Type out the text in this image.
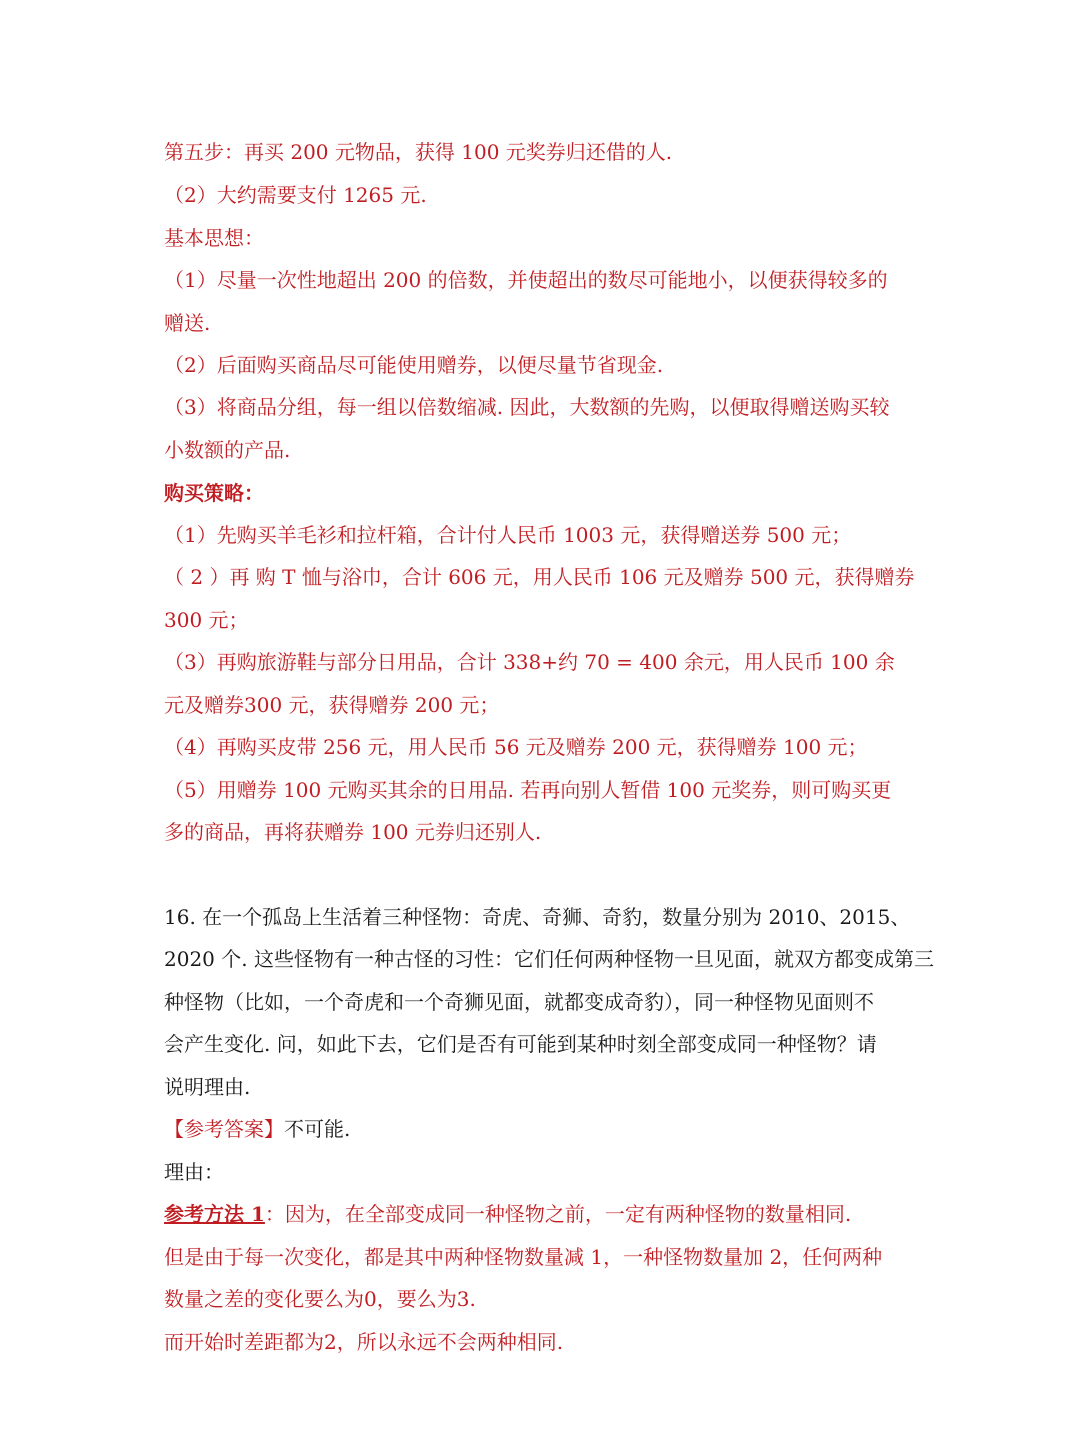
第五步：再买 200 元物品，获得 100 元奖券归还借的人.
（2）大约需要支付 1265 元.
基本思想：
（1）尽量一次性地超出 200 的倍数，并使超出的数尽可能地小，以便获得较多的
赠送.
（2）后面购买商品尽可能使用赠券，以便尽量节省现金.
（3）将商品分组，每一组以倍数缩减. 因此，大数额的先购，以便取得赠送购买较
小数额的产品.
购买策略：
（1）先购买羊毛衫和拉杆箱，合计付人民币 1003 元，获得赠送券 500 元；
（ 2 ）再 购 T 恤与浴巾，合计 606 元，用人民币 106 元及赠券 500 元，获得赠券
300 元；
（3）再购旅游鞋与部分日用品，合计 338+约 70 = 400 余元，用人民币 100 余
元及赠券300 元，获得赠券 200 元；
（4）再购买皮带 256 元，用人民币 56 元及赠券 200 元，获得赠券 100 元；
（5）用赠券 100 元购买其余的日用品. 若再向别人暂借 100 元奖券，则可购买更
多的商品，再将获赠券 100 元券归还别人.
16. 在一个孤岛上生活着三种怪物：奇虎、奇狮、奇豹，数量分别为 2010、2015、
2020 个. 这些怪物有一种古怪的习性：它们任何两种怪物一旦见面，就双方都变成第三
种怪物（比如，一个奇虎和一个奇狮见面，就都变成奇豹），同一种怪物见面则不
会产生变化. 问，如此下去，它们是否有可能到某种时刻全部变成同一种怪物？请
说明理由.
【参考答案】不可能.
理由：
参考方法 1：因为，在全部变成同一种怪物之前，一定有两种怪物的数量相同.
但是由于每一次变化，都是其中两种怪物数量减 1，一种怪物数量加 2，任何两种
数量之差的变化要么为0，要么为3.
而开始时差距都为2，所以永远不会两种相同.
